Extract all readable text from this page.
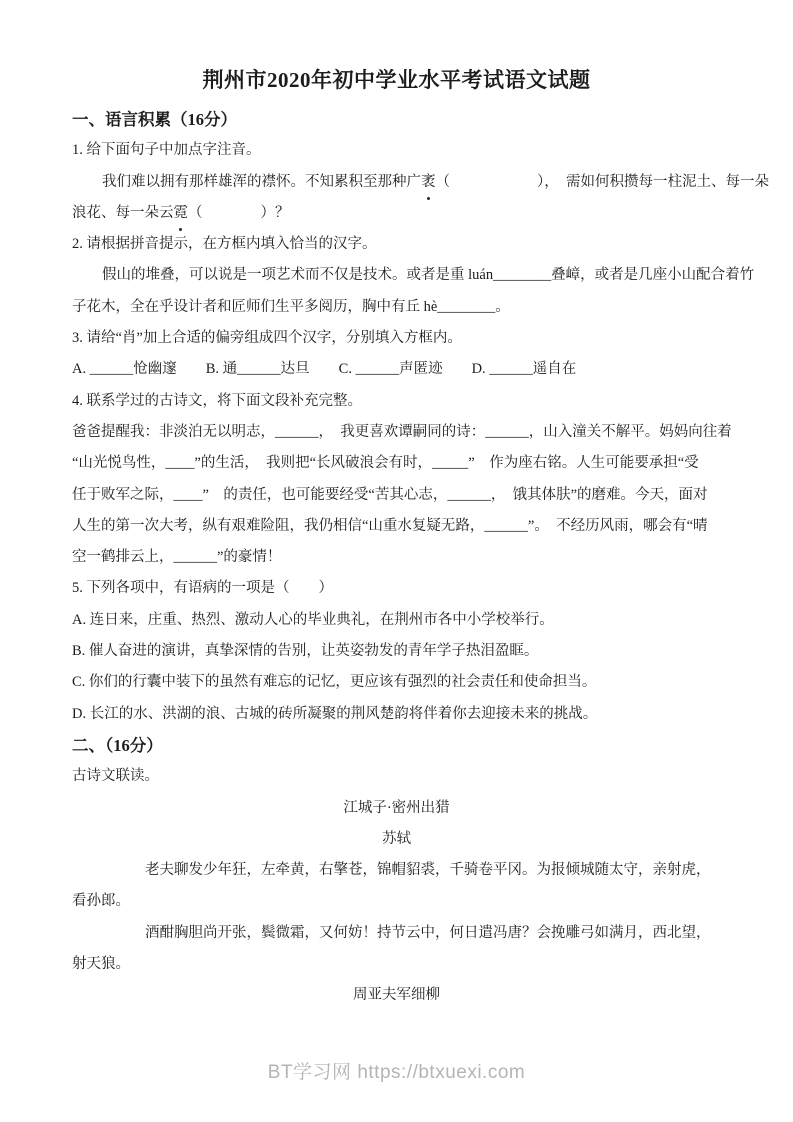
荆州市2020年初中学业水平考试语文试题
一、语言积累（16分）
1. 给下面句子中加点字注音。
我们难以拥有那样雄浑的襟怀。不知累积至那种广袤（　　　　　　），　需如何积攒每一柱泥土、每一朵
浪花、每一朵云霓（　　　　）？
2. 请根据拼音提示，在方框内填入恰当的汉字。
假山的堆叠，可以说是一项艺术而不仅是技术。或者是重 luán________叠嶂，或者是几座小山配合着竹
子花木，全在乎设计者和匠师们生平多阅历，胸中有丘 hè________。
3. 请给“肖”加上合适的偏旁组成四个汉字，分别填入方框内。
A. ______怆幽邃　　B. 通______达旦　　C. ______声匿迹　　D. ______遥自在
4. 联系学过的古诗文，将下面文段补充完整。
爸爸提醒我：非淡泊无以明志，______，　我更喜欢谭嗣同的诗：______，山入潼关不解平。妈妈向往着
“山光悦鸟性，____”的生活，　我则把“长风破浪会有时，_____”　作为座右铭。人生可能要承担“受
任于败军之际，____”　的责任，也可能要经受“苦其心志，______，　饿其体肤”的磨难。今天，面对
人生的第一次大考，纵有艰难险阻，我仍相信“山重水复疑无路，______”。　不经历风雨，哪会有“晴
空一鹤排云上，______”的豪情！
5. 下列各项中，有语病的一项是（　　）
A. 连日来，庄重、热烈、激动人心的毕业典礼，在荆州市各中小学校举行。
B. 催人奋进的演讲，真挚深情的告别，让英姿勃发的青年学子热泪盈眶。
C. 你们的行囊中装下的虽然有难忘的记忆，更应该有强烈的社会责任和使命担当。
D. 长江的水、洪湖的浪、古城的砖所凝聚的荆风楚韵将伴着你去迎接未来的挑战。
二、（16分）
古诗文联读。
江城子·密州出猎
苏轼
老夫聊发少年狂，左牵黄，右擎苍，锦帽貂裘，千骑卷平冈。为报倾城随太守，亲射虎，
看孙郎。
酒酣胸胆尚开张，鬓微霜，又何妨！持节云中，何日遣冯唐？会挽雕弓如满月，西北望，
射天狼。
周亚夫军细柳
BT学习网 https://btxuexi.com
